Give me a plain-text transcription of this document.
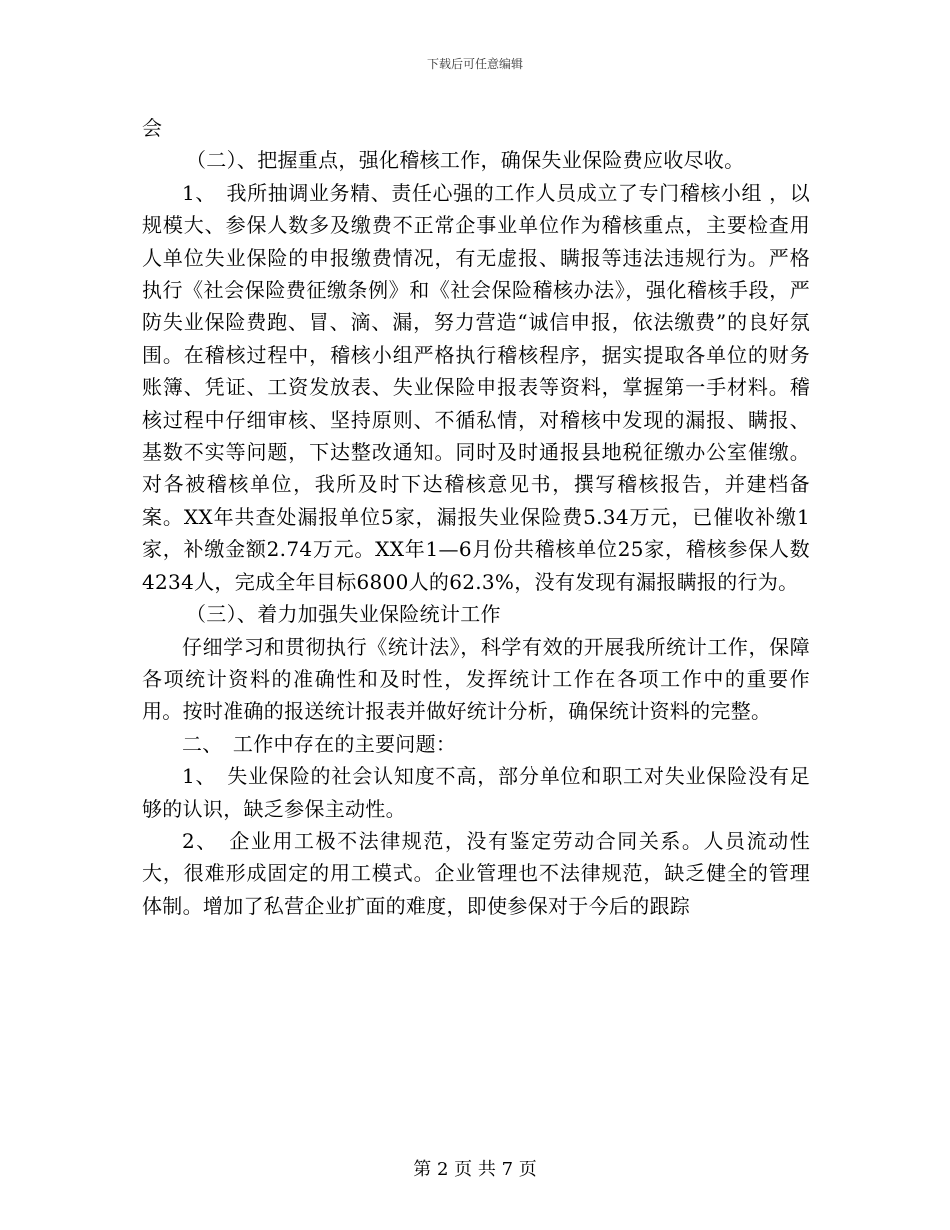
下载后可任意编辑

会

（二）、把握重点，强化稽核工作，确保失业保险费应收尽收。

1、　我所抽调业务精、责任心强的工作人员成立了专门稽核小组 ，以规模大、参保人数多及缴费不正常企事业单位作为稽核重点，主要检查用人单位失业保险的申报缴费情况，有无虚报、瞒报等违法违规行为。严格执行《社会保险费征缴条例》和《社会保险稽核办法》，强化稽核手段，严防失业保险费跑、冒、滴、漏，努力营造“诚信申报，依法缴费”的良好氛围。在稽核过程中，稽核小组严格执行稽核程序，据实提取各单位的财务账簿、凭证、工资发放表、失业保险申报表等资料，掌握第一手材料。稽核过程中仔细审核、坚持原则、不循私情，对稽核中发现的漏报、瞒报、基数不实等问题，下达整改通知。同时及时通报县地税征缴办公室催缴。对各被稽核单位，我所及时下达稽核意见书，撰写稽核报告，并建档备案。XX年共查处漏报单位5家，漏报失业保险费5.34万元，已催收补缴1家，补缴金额2.74万元。XX年1—6月份共稽核单位25家，稽核参保人数4234人，完成全年目标6800人的62.3%，没有发现有漏报瞒报的行为。

（三）、着力加强失业保险统计工作

仔细学习和贯彻执行《统计法》，科学有效的开展我所统计工作，保障各项统计资料的准确性和及时性，发挥统计工作在各项工作中的重要作用。按时准确的报送统计报表并做好统计分析，确保统计资料的完整。

二、　工作中存在的主要问题：

1、　失业保险的社会认知度不高，部分单位和职工对失业保险没有足够的认识，缺乏参保主动性。

2、　企业用工极不法律规范，没有鉴定劳动合同关系。人员流动性大，很难形成固定的用工模式。企业管理也不法律规范，缺乏健全的管理体制。增加了私营企业扩面的难度，即使参保对于今后的跟踪

第 2 页 共 7 页
